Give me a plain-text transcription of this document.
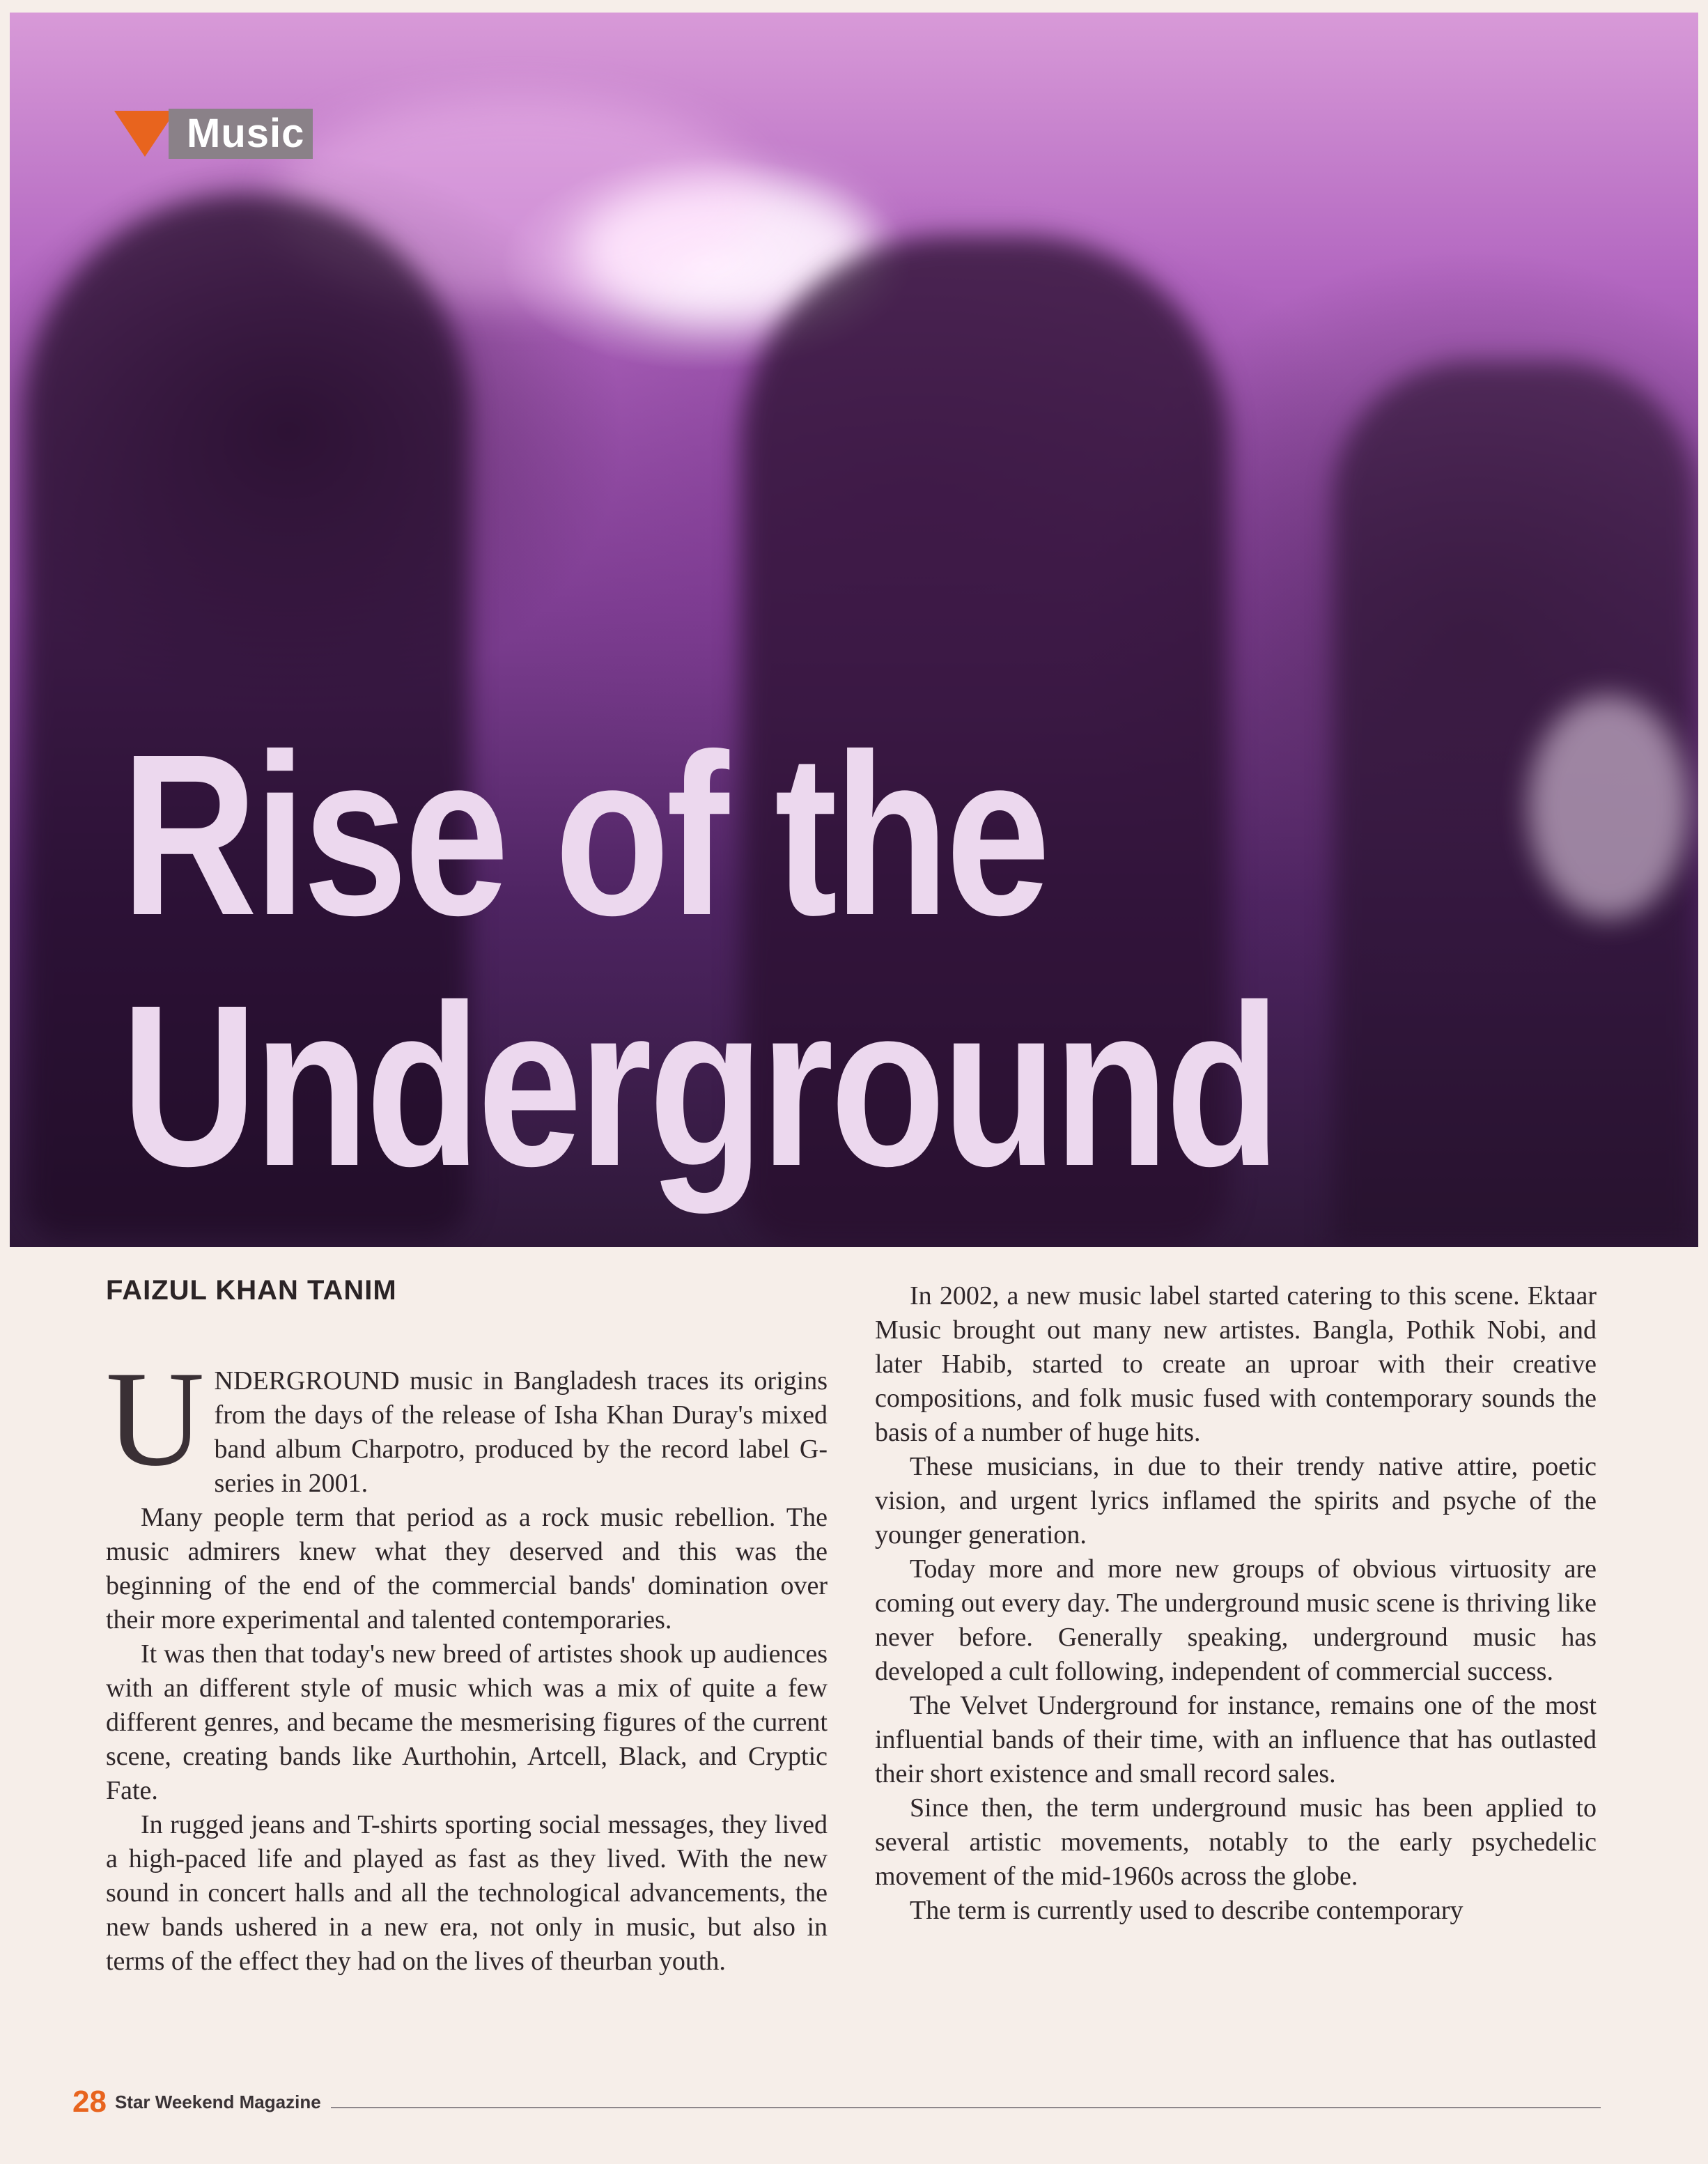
Music
Rise of the
Underground
FAIZUL KHAN TANIM

UNDERGROUND music in Bangladesh traces its origins from the days of the release of Isha Khan Duray's mixed band album Charpotro, produced by the record label G-series in 2001.

Many people term that period as a rock music rebellion. The music admirers knew what they deserved and this was the beginning of the end of the commercial bands' domination over their more experimental and talented contemporaries.

It was then that today's new breed of artistes shook up audiences with an different style of music which was a mix of quite a few different genres, and became the mesmerising figures of the current scene, creating bands like Aurthohin, Artcell, Black, and Cryptic Fate.

In rugged jeans and T-shirts sporting social messages, they lived a high-paced life and played as fast as they lived. With the new sound in concert halls and all the technological advancements, the new bands ushered in a new era, not only in music, but also in terms of the effect they had on the lives of theurban youth.

In 2002, a new music label started catering to this scene. Ektaar Music brought out many new artistes. Bangla, Pothik Nobi, and later Habib, started to create an uproar with their creative compositions, and folk music fused with contemporary sounds the basis of a number of huge hits.

These musicians, in due to their trendy native attire, poetic vision, and urgent lyrics inflamed the spirits and psyche of the younger generation.

Today more and more new groups of obvious virtuosity are coming out every day. The underground music scene is thriving like never before. Generally speaking, underground music has developed a cult following, independent of commercial success.

The Velvet Underground for instance, remains one of the most influential bands of their time, with an influence that has outlasted their short existence and small record sales.

Since then, the term underground music has been applied to several artistic movements, notably to the early psychedelic movement of the mid-1960s across the globe.

The term is currently used to describe contemporary

28 Star Weekend Magazine
